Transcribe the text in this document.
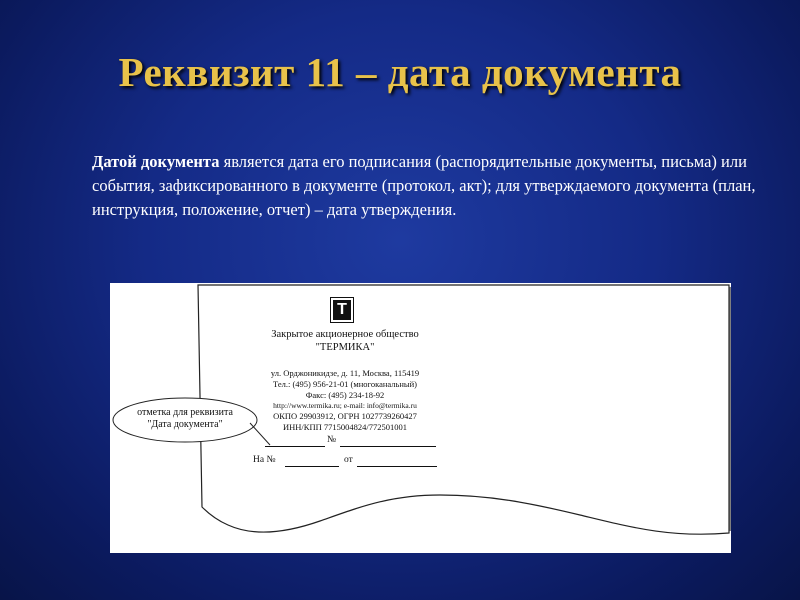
Реквизит 11 – дата документа
Датой документа является дата его подписания (распорядительные документы, письма) или события, зафиксированного в документе (протокол, акт); для утверждаемого документа (план, инструкция, положение, отчет) – дата утверждения.
T
Закрытое акционерное общество
"ТЕРМИКА"
ул. Орджоникидзе, д. 11, Москва, 115419
Тел.: (495) 956-21-01 (многоканальный)
Факс: (495) 234-18-92
http://www.termika.ru; e-mail: info@termika.ru
ОКПО 29903912, ОГРН 1027739260427
ИНН/КПП 7715004824/772501001
№
На №	от
отметка для реквизита
"Дата документа"
